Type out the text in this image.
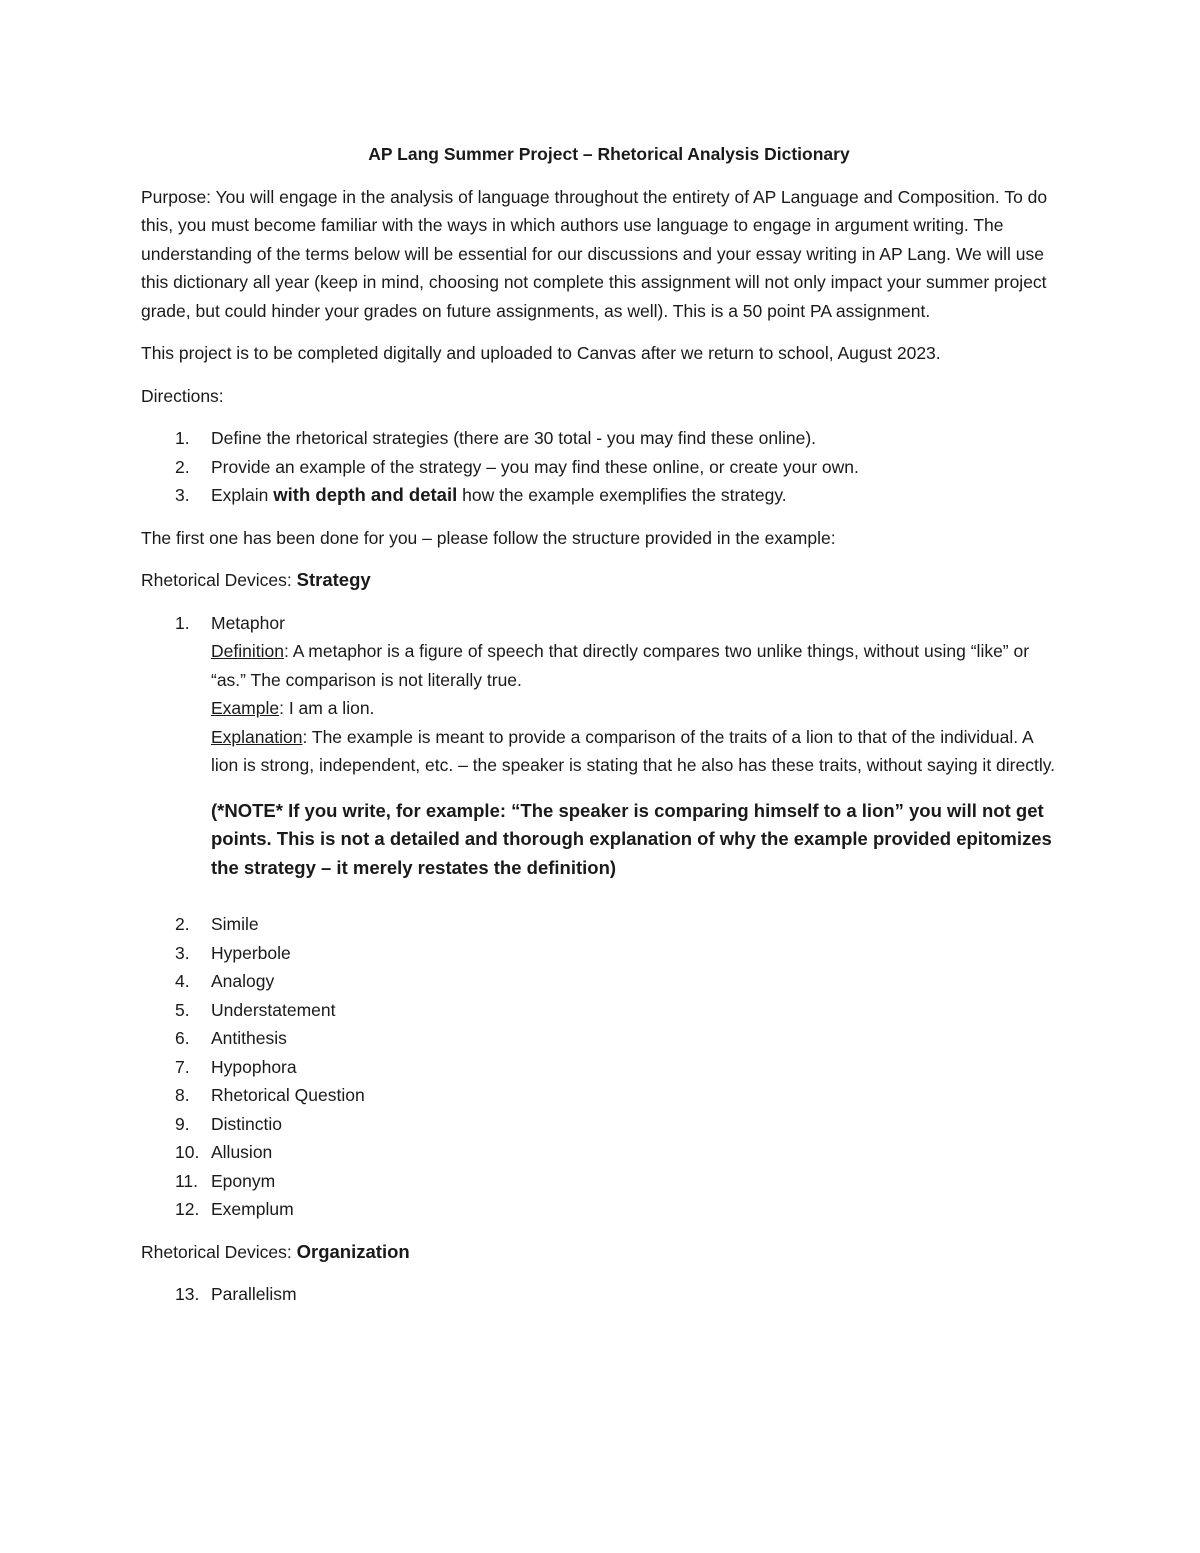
AP Lang Summer Project – Rhetorical Analysis Dictionary

Purpose: You will engage in the analysis of language throughout the entirety of AP Language and Composition. To do this, you must become familiar with the ways in which authors use language to engage in argument writing. The understanding of the terms below will be essential for our discussions and your essay writing in AP Lang. We will use this dictionary all year (keep in mind, choosing not complete this assignment will not only impact your summer project grade, but could hinder your grades on future assignments, as well). This is a 50 point PA assignment.

This project is to be completed digitally and uploaded to Canvas after we return to school, August 2023.

Directions:

1. Define the rhetorical strategies (there are 30 total - you may find these online).
2. Provide an example of the strategy – you may find these online, or create your own.
3. Explain with depth and detail how the example exemplifies the strategy.

The first one has been done for you – please follow the structure provided in the example:

Rhetorical Devices: Strategy

1. Metaphor
Definition: A metaphor is a figure of speech that directly compares two unlike things, without using “like” or “as.” The comparison is not literally true.
Example: I am a lion.
Explanation: The example is meant to provide a comparison of the traits of a lion to that of the individual. A lion is strong, independent, etc. – the speaker is stating that he also has these traits, without saying it directly.
(*NOTE* If you write, for example: “The speaker is comparing himself to a lion” you will not get points. This is not a detailed and thorough explanation of why the example provided epitomizes the strategy – it merely restates the definition)
2. Simile
3. Hyperbole
4. Analogy
5. Understatement
6. Antithesis
7. Hypophora
8. Rhetorical Question
9. Distinctio
10. Allusion
11. Eponym
12. Exemplum

Rhetorical Devices: Organization

13. Parallelism
